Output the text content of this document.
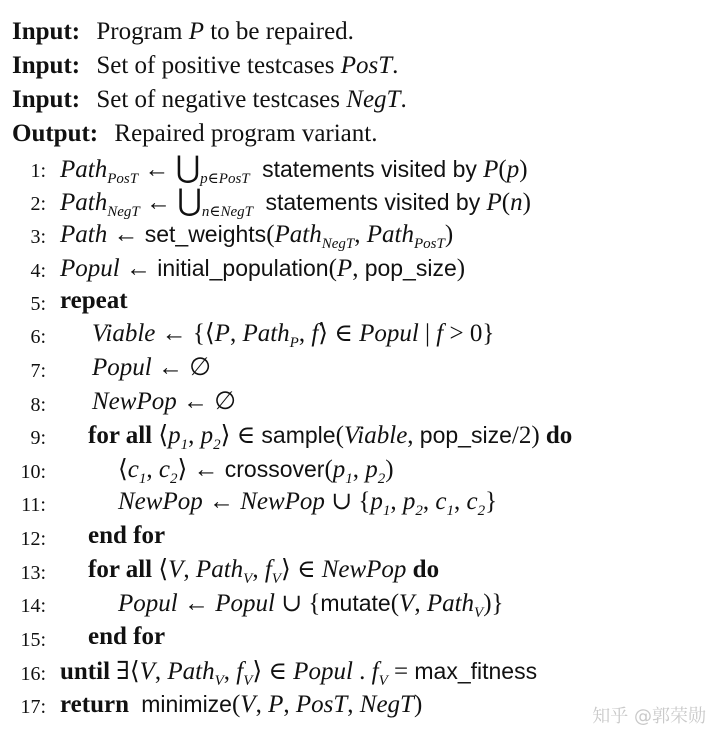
Input: Program P to be repaired.
Input: Set of positive testcases PosT.
Input: Set of negative testcases NegT.
Output: Repaired program variant.
1:
2:
3:
4:
5:
6:
7:
8:
9:
10:
11:
12:
13:
14:
15:
16:
17:
Path$_{PosT}$ ← $⋃_{p\in PosT}$ statements visited by P(p)
Path$_{NegT}$ ← $⋃_{n\in NegT}$ statements visited by P(n)
Path ← set_weights(Path$_{NegT}$, Path$_{PosT}$)
Popul ← initial_population(P, pop_size)
repeat
Viable ← {⟨P, Path$_P$, f⟩ ∈ Popul | f > 0}
Popul ← ∅
NewPop ← ∅
for all $⟨p_1$, $p_2⟩$ ∈ sample(Viable, pop_size/2) do
$⟨c_1$, $c_2⟩$ ← $crossover(p_1$, $p_2$)
NewPop ← NewPop ∪ {$p_1$, $p_2$, $c_1$, $c_2$}
end for
for all ⟨V, Path$_V$, $f_V⟩$ ∈ NewPop do
Popul ← Popul ∪ {mutate(V, Path$_V$)}
end for
until ∃⟨V, Path$_V$, $f_V⟩$ ∈ Popul . $f_V$ = max_fitness
return minimize(V, P, PosT, NegT)	知乎 @郭荣勋
